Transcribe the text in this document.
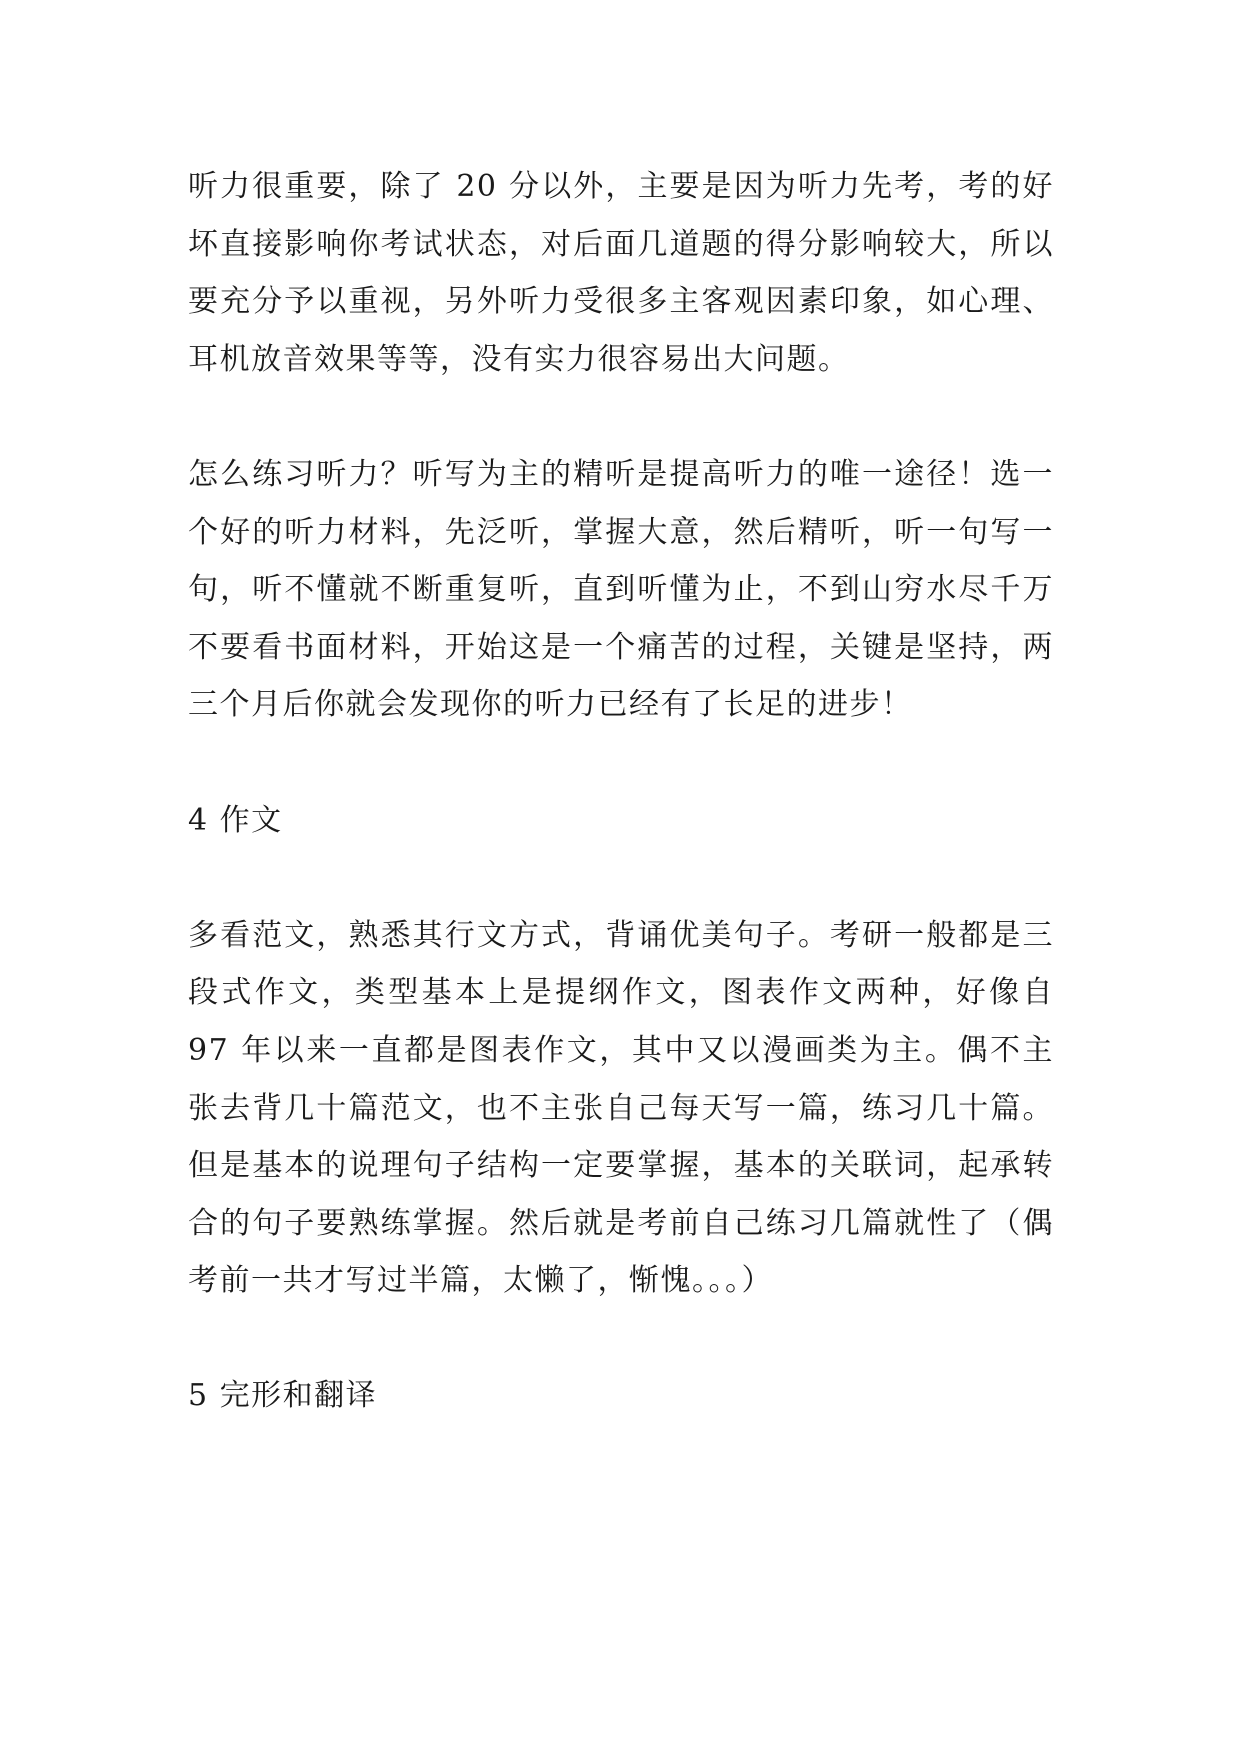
听力很重要，除了 20 分以外，主要是因为听力先考，考的好坏直接影响你考试状态，对后面几道题的得分影响较大，所以要充分予以重视，另外听力受很多主客观因素印象，如心理、耳机放音效果等等，没有实力很容易出大问题。

怎么练习听力？听写为主的精听是提高听力的唯一途径！选一个好的听力材料，先泛听，掌握大意，然后精听，听一句写一句，听不懂就不断重复听，直到听懂为止，不到山穷水尽千万不要看书面材料，开始这是一个痛苦的过程，关键是坚持，两三个月后你就会发现你的听力已经有了长足的进步！

4 作文

多看范文，熟悉其行文方式，背诵优美句子。考研一般都是三段式作文，类型基本上是提纲作文，图表作文两种，好像自 97 年以来一直都是图表作文，其中又以漫画类为主。偶不主张去背几十篇范文，也不主张自己每天写一篇，练习几十篇。但是基本的说理句子结构一定要掌握，基本的关联词，起承转合的句子要熟练掌握。然后就是考前自己练习几篇就性了（偶考前一共才写过半篇，太懒了，惭愧。。。）

5 完形和翻译
